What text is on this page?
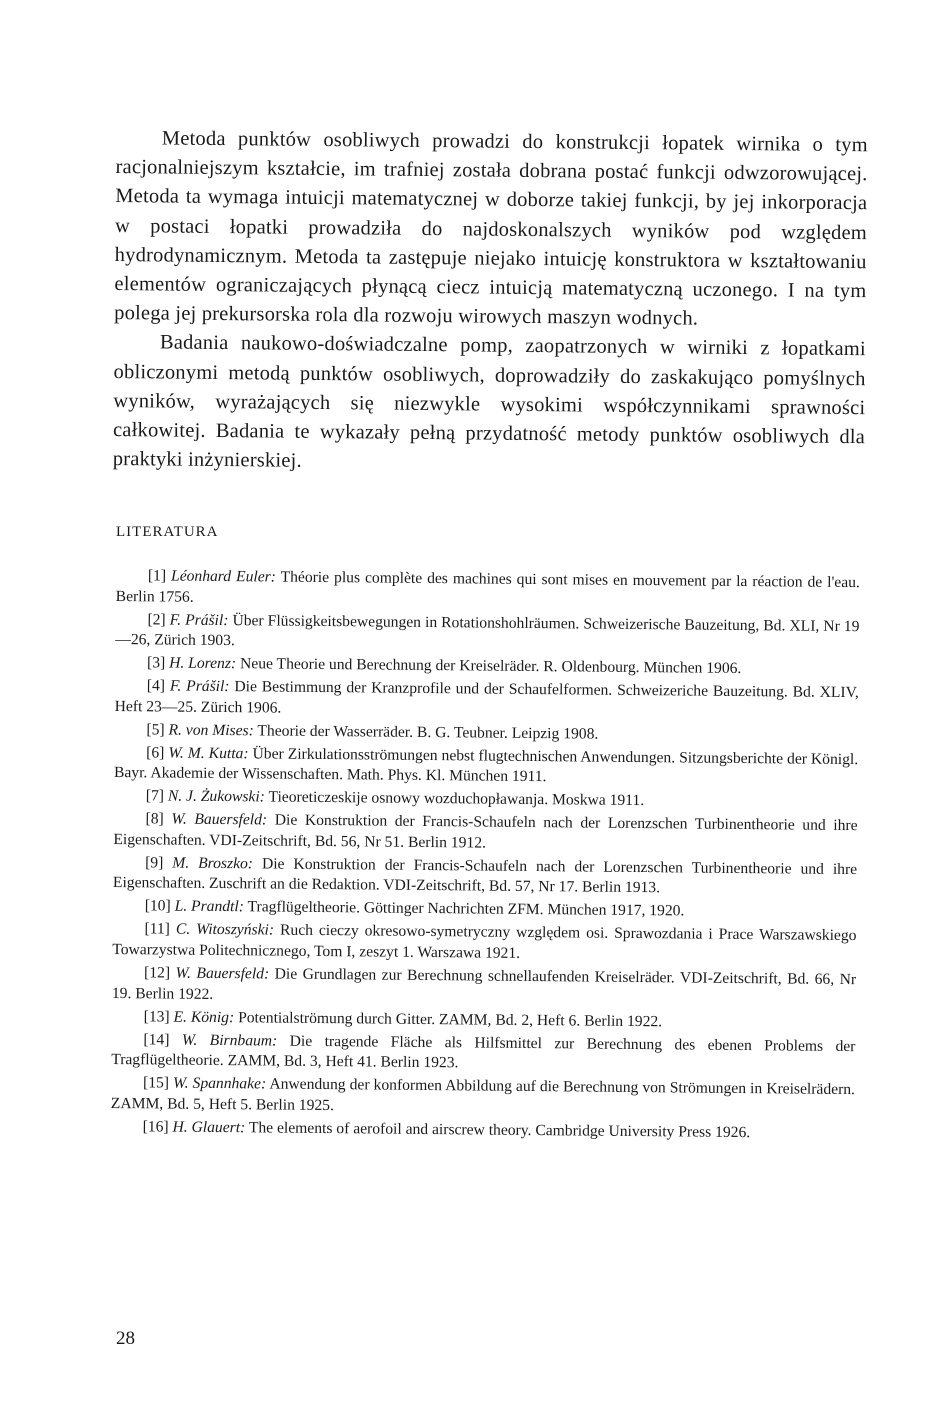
Metoda punktów osobliwych prowadzi do konstrukcji łopatek wirnika o tym racjonalniejszym kształcie, im trafniej została dobrana postać funkcji odwzorowującej. Metoda ta wymaga intuicji matematycznej w doborze takiej funkcji, by jej inkorporacja w postaci łopatki prowadziła do najdoskonalszych wyników pod względem hydrodynamicznym. Metoda ta zastępuje niejako intuicję konstruktora w kształtowaniu elementów ograniczających płynącą ciecz intuicją matematyczną uczonego. I na tym polega jej prekursorska rola dla rozwoju wirowych maszyn wodnych.

Badania naukowo-doświadczalne pomp, zaopatrzonych w wirniki z łopatkami obliczonymi metodą punktów osobliwych, doprowadziły do zaskakująco pomyślnych wyników, wyrażających się niezwykle wysokimi współczynnikami sprawności całkowitej. Badania te wykazały pełną przydatność metody punktów osobliwych dla praktyki inżynierskiej.

LITERATURA

[1] Léonhard Euler: Théorie plus complète des machines qui sont mises en mouvement par la réaction de l'eau. Berlin 1756.

[2] F. Prášil: Über Flüssigkeitsbewegungen in Rotationshohlräumen. Schweizerische Bauzeitung, Bd. XLI, Nr 19—26, Zürich 1903.

[3] H. Lorenz: Neue Theorie und Berechnung der Kreiselräder. R. Oldenbourg. München 1906.

[4] F. Prášil: Die Bestimmung der Kranzprofile und der Schaufelformen. Schweizeriche Bauzeitung. Bd. XLIV, Heft 23—25. Zürich 1906.

[5] R. von Mises: Theorie der Wasserräder. B. G. Teubner. Leipzig 1908.

[6] W. M. Kutta: Über Zirkulationsströmungen nebst flugtechnischen Anwendungen. Sitzungsberichte der Königl. Bayr. Akademie der Wissenschaften. Math. Phys. Kl. München 1911.

[7] N. J. Żukowski: Tieoreticzeskije osnowy wozduchopławanja. Moskwa 1911.

[8] W. Bauersfeld: Die Konstruktion der Francis-Schaufeln nach der Lorenzschen Turbinentheorie und ihre Eigenschaften. VDI-Zeitschrift, Bd. 56, Nr 51. Berlin 1912.

[9] M. Broszko: Die Konstruktion der Francis-Schaufeln nach der Lorenzschen Turbinentheorie und ihre Eigenschaften. Zuschrift an die Redaktion. VDI-Zeitschrift, Bd. 57, Nr 17. Berlin 1913.

[10] L. Prandtl: Tragflügeltheorie. Göttinger Nachrichten ZFM. München 1917, 1920.

[11] C. Witoszyński: Ruch cieczy okresowo-symetryczny względem osi. Sprawozdania i Prace Warszawskiego Towarzystwa Politechnicznego, Tom I, zeszyt 1. Warszawa 1921.

[12] W. Bauersfeld: Die Grundlagen zur Berechnung schnellaufenden Kreiselräder. VDI-Zeitschrift, Bd. 66, Nr 19. Berlin 1922.

[13] E. König: Potentialströmung durch Gitter. ZAMM, Bd. 2, Heft 6. Berlin 1922.

[14] W. Birnbaum: Die tragende Fläche als Hilfsmittel zur Berechnung des ebenen Problems der Tragflügeltheorie. ZAMM, Bd. 3, Heft 41. Berlin 1923.

[15] W. Spannhake: Anwendung der konformen Abbildung auf die Berechnung von Strömungen in Kreiselrädern. ZAMM, Bd. 5, Heft 5. Berlin 1925.

[16] H. Glauert: The elements of aerofoil and airscrew theory. Cambridge University Press 1926.

28
